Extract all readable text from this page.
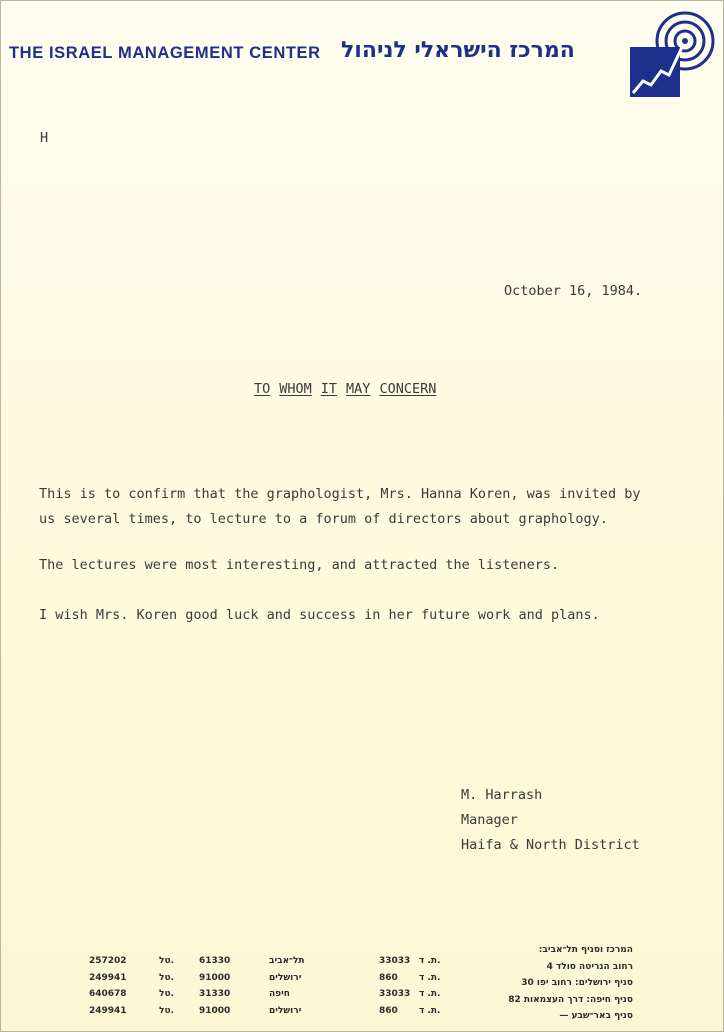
THE ISRAEL MANAGEMENT CENTER המרכז הישראלי לניהול
H
October 16, 1984.
TO WHOM IT MAY CONCERN
This is to confirm that the graphologist, Mrs. Hanna Koren, was invited by
us several times, to lecture to a forum of directors about graphology.
The lectures were most interesting, and attracted the listeners.
I wish Mrs. Koren good luck and success in her future work and plans.
M. Harrash
Manager
Haifa & North District
המרכז וסניף תל־אביב:
רחוב הנריטה סולד 4
סניף ירושלים: רחוב יפו 30
סניף חיפה: דרך העצמאות 82
סניף באר־שבע —
257202	טל.	61330	תל־אביב	33033 ת. ד.
249941	טל.	91000	ירושלים	860	ת. ד.
640678	טל.	31330	חיפה	33033 ת. ד.
249941	טל.	91000	ירושלים	860	ת. ד.
